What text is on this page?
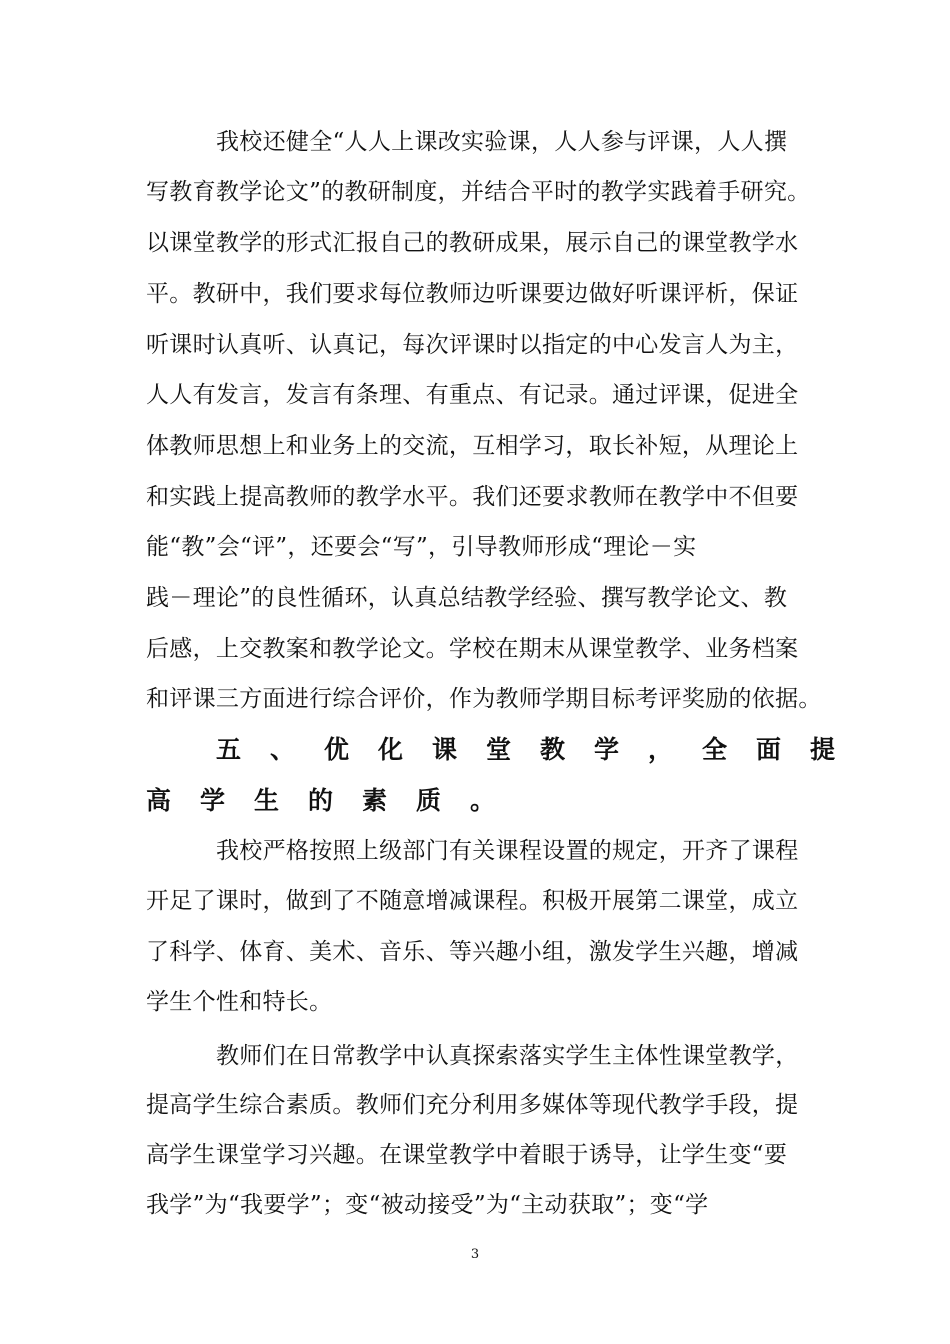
我校还健全“人人上课改实验课，人人参与评课，人人撰
写教育教学论文”的教研制度，并结合平时的教学实践着手研究。
以课堂教学的形式汇报自己的教研成果，展示自己的课堂教学水
平。教研中，我们要求每位教师边听课要边做好听课评析，保证
听课时认真听、认真记，每次评课时以指定的中心发言人为主，
人人有发言，发言有条理、有重点、有记录。通过评课，促进全
体教师思想上和业务上的交流，互相学习，取长补短，从理论上
和实践上提高教师的教学水平。我们还要求教师在教学中不但要
能“教”会“评”，还要会“写”，引导教师形成“理论－实
践－理论”的良性循环，认真总结教学经验、撰写教学论文、教
后感，上交教案和教学论文。学校在期末从课堂教学、业务档案
和评课三方面进行综合评价，作为教师学期目标考评奖励的依据。
五、优化课堂教学，全面提
高学生的素质。
我校严格按照上级部门有关课程设置的规定，开齐了课程
开足了课时，做到了不随意增减课程。积极开展第二课堂，成立
了科学、体育、美术、音乐、等兴趣小组，激发学生兴趣，增减
学生个性和特长。
教师们在日常教学中认真探索落实学生主体性课堂教学，
提高学生综合素质。教师们充分利用多媒体等现代教学手段，提
高学生课堂学习兴趣。在课堂教学中着眼于诱导，让学生变“要
我学”为“我要学”；变“被动接受”为“主动获取”；变“学
3
